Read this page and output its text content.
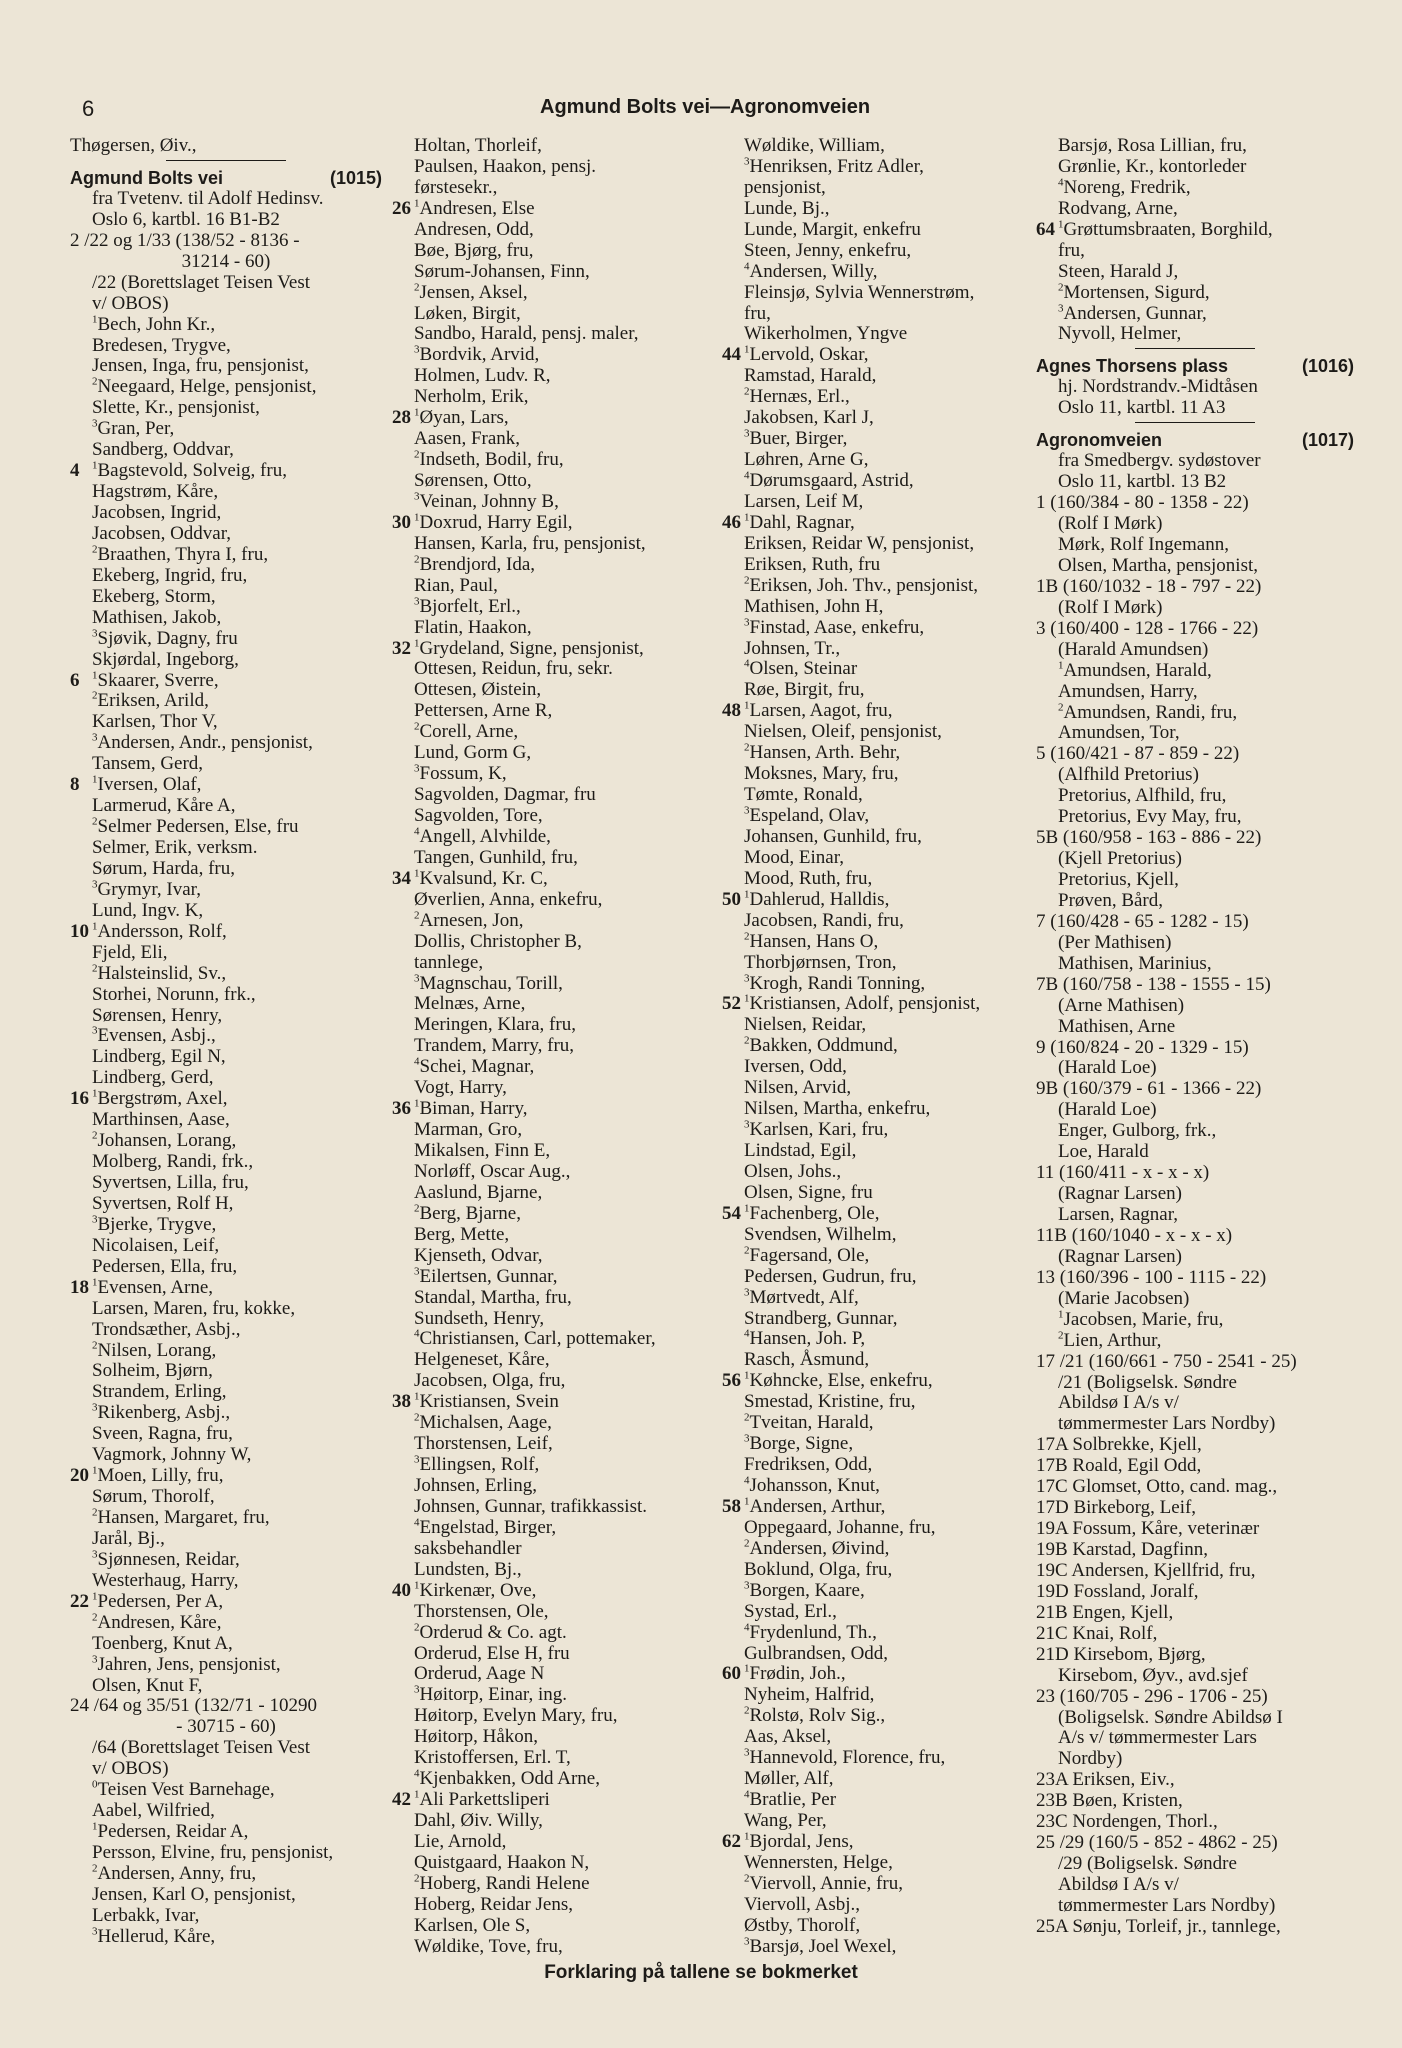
6	Agmund Bolts vei—Agronomveien
Thøgersen, Øiv.,
Agmund Bolts vei	(1015)
fra Tvetenv. til Adolf Hedinsv.
Oslo 6, kartbl. 16 B1-B2
2 /22 og 1/33 (138/52 - 8136 -
31214 - 60)
/22 (Borettslaget Teisen Vest
v/ OBOS)
$^1$Bech, John Kr.,
Bredesen, Trygve,
Jensen, Inga, fru, pensjonist,
$^2$Neegaard, Helge, pensjonist,
Slette, Kr., pensjonist,
$^3$Gran, Per,
Sandberg, Oddvar,
4 $^1$Bagstevold, Solveig, fru,
Hagstrøm, Kåre,
Jacobsen, Ingrid,
Jacobsen, Oddvar,
$^2$Braathen, Thyra I, fru,
Ekeberg, Ingrid, fru,
Ekeberg, Storm,
Mathisen, Jakob,
$^3$Sjøvik, Dagny, fru
Skjørdal, Ingeborg,
6 $^1$Skaarer, Sverre,
$^2$Eriksen, Arild,
Karlsen, Thor V,
$^3$Andersen, Andr., pensjonist,
Tansem, Gerd,
8 $^1$Iversen, Olaf,
Larmerud, Kåre A,
$^2$Selmer Pedersen, Else, fru
Selmer, Erik, verksm.
Sørum, Harda, fru,
$^3$Grymyr, Ivar,
Lund, Ingv. K,
10 $^1$Andersson, Rolf,
Fjeld, Eli,
$^2$Halsteinslid, Sv.,
Storhei, Norunn, frk.,
Sørensen, Henry,
$^3$Evensen, Asbj.,
Lindberg, Egil N,
Lindberg, Gerd,
16 $^1$Bergstrøm, Axel,
Marthinsen, Aase,
$^2$Johansen, Lorang,
Molberg, Randi, frk.,
Syvertsen, Lilla, fru,
Syvertsen, Rolf H,
$^3$Bjerke, Trygve,
Nicolaisen, Leif,
Pedersen, Ella, fru,
18 $^1$Evensen, Arne,
Larsen, Maren, fru, kokke,
Trondsæther, Asbj.,
$^2$Nilsen, Lorang,
Solheim, Bjørn,
Strandem, Erling,
$^3$Rikenberg, Asbj.,
Sveen, Ragna, fru,
Vagmork, Johnny W,
20 $^1$Moen, Lilly, fru,
Sørum, Thorolf,
$^2$Hansen, Margaret, fru,
Jarål, Bj.,
$^3$Sjønnesen, Reidar,
Westerhaug, Harry,
22 $^1$Pedersen, Per A,
$^2$Andresen, Kåre,
Toenberg, Knut A,
$^3$Jahren, Jens, pensjonist,
Olsen, Knut F,
24 /64 og 35/51 (132/71 - 10290
- 30715 - 60)
/64 (Borettslaget Teisen Vest
v/ OBOS)
$^0$Teisen Vest Barnehage,
Aabel, Wilfried,
$^1$Pedersen, Reidar A,
Persson, Elvine, fru, pensjonist,
$^2$Andersen, Anny, fru,
Jensen, Karl O, pensjonist,
Lerbakk, Ivar,
$^3$Hellerud, Kåre,
Holtan, Thorleif,
Paulsen, Haakon, pensj.
førstesekr.,
26 $^1$Andresen, Else
Andresen, Odd,
Bøe, Bjørg, fru,
Sørum-Johansen, Finn,
$^2$Jensen, Aksel,
Løken, Birgit,
Sandbo, Harald, pensj. maler,
$^3$Bordvik, Arvid,
Holmen, Ludv. R,
Nerholm, Erik,
28 $^1$Øyan, Lars,
Aasen, Frank,
$^2$Indseth, Bodil, fru,
Sørensen, Otto,
$^3$Veinan, Johnny B,
30 $^1$Doxrud, Harry Egil,
Hansen, Karla, fru, pensjonist,
$^2$Brendjord, Ida,
Rian, Paul,
$^3$Bjorfelt, Erl.,
Flatin, Haakon,
32 $^1$Grydeland, Signe, pensjonist,
Ottesen, Reidun, fru, sekr.
Ottesen, Øistein,
Pettersen, Arne R,
$^2$Corell, Arne,
Lund, Gorm G,
$^3$Fossum, K,
Sagvolden, Dagmar, fru
Sagvolden, Tore,
$^4$Angell, Alvhilde,
Tangen, Gunhild, fru,
34 $^1$Kvalsund, Kr. C,
Øverlien, Anna, enkefru,
$^2$Arnesen, Jon,
Dollis, Christopher B,
tannlege,
$^3$Magnschau, Torill,
Melnæs, Arne,
Meringen, Klara, fru,
Trandem, Marry, fru,
$^4$Schei, Magnar,
Vogt, Harry,
36 $^1$Biman, Harry,
Marman, Gro,
Mikalsen, Finn E,
Norløff, Oscar Aug.,
Aaslund, Bjarne,
$^2$Berg, Bjarne,
Berg, Mette,
Kjenseth, Odvar,
$^3$Eilertsen, Gunnar,
Standal, Martha, fru,
Sundseth, Henry,
$^4$Christiansen, Carl, pottemaker,
Helgeneset, Kåre,
Jacobsen, Olga, fru,
38 $^1$Kristiansen, Svein
$^2$Michalsen, Aage,
Thorstensen, Leif,
$^3$Ellingsen, Rolf,
Johnsen, Erling,
Johnsen, Gunnar, trafikkassist.
$^4$Engelstad, Birger,
saksbehandler
Lundsten, Bj.,
40 $^1$Kirkenær, Ove,
Thorstensen, Ole,
$^2$Orderud & Co. agt.
Orderud, Else H, fru
Orderud, Aage N
$^3$Høitorp, Einar, ing.
Høitorp, Evelyn Mary, fru,
Høitorp, Håkon,
Kristoffersen, Erl. T,
$^4$Kjenbakken, Odd Arne,
42 $^1$Ali Parkettsliperi
Dahl, Øiv. Willy,
Lie, Arnold,
Quistgaard, Haakon N,
$^2$Hoberg, Randi Helene
Hoberg, Reidar Jens,
Karlsen, Ole S,
Wøldike, Tove, fru,
Wøldike, William,
$^3$Henriksen, Fritz Adler,
pensjonist,
Lunde, Bj.,
Lunde, Margit, enkefru
Steen, Jenny, enkefru,
$^4$Andersen, Willy,
Fleinsjø, Sylvia Wennerstrøm,
fru,
Wikerholmen, Yngve
44 $^1$Lervold, Oskar,
Ramstad, Harald,
$^2$Hernæs, Erl.,
Jakobsen, Karl J,
$^3$Buer, Birger,
Løhren, Arne G,
$^4$Dørumsgaard, Astrid,
Larsen, Leif M,
46 $^1$Dahl, Ragnar,
Eriksen, Reidar W, pensjonist,
Eriksen, Ruth, fru
$^2$Eriksen, Joh. Thv., pensjonist,
Mathisen, John H,
$^3$Finstad, Aase, enkefru,
Johnsen, Tr.,
$^4$Olsen, Steinar
Røe, Birgit, fru,
48 $^1$Larsen, Aagot, fru,
Nielsen, Oleif, pensjonist,
$^2$Hansen, Arth. Behr,
Moksnes, Mary, fru,
Tømte, Ronald,
$^3$Espeland, Olav,
Johansen, Gunhild, fru,
Mood, Einar,
Mood, Ruth, fru,
50 $^1$Dahlerud, Halldis,
Jacobsen, Randi, fru,
$^2$Hansen, Hans O,
Thorbjørnsen, Tron,
$^3$Krogh, Randi Tonning,
52 $^1$Kristiansen, Adolf, pensjonist,
Nielsen, Reidar,
$^2$Bakken, Oddmund,
Iversen, Odd,
Nilsen, Arvid,
Nilsen, Martha, enkefru,
$^3$Karlsen, Kari, fru,
Lindstad, Egil,
Olsen, Johs.,
Olsen, Signe, fru
54 $^1$Fachenberg, Ole,
Svendsen, Wilhelm,
$^2$Fagersand, Ole,
Pedersen, Gudrun, fru,
$^3$Mørtvedt, Alf,
Strandberg, Gunnar,
$^4$Hansen, Joh. P,
Rasch, Åsmund,
56 $^1$Køhncke, Else, enkefru,
Smestad, Kristine, fru,
$^2$Tveitan, Harald,
$^3$Borge, Signe,
Fredriksen, Odd,
$^4$Johansson, Knut,
58 $^1$Andersen, Arthur,
Oppegaard, Johanne, fru,
$^2$Andersen, Øivind,
Boklund, Olga, fru,
$^3$Borgen, Kaare,
Systad, Erl.,
$^4$Frydenlund, Th.,
Gulbrandsen, Odd,
60 $^1$Frødin, Joh.,
Nyheim, Halfrid,
$^2$Rolstø, Rolv Sig.,
Aas, Aksel,
$^3$Hannevold, Florence, fru,
Møller, Alf,
$^4$Bratlie, Per
Wang, Per,
62 $^1$Bjordal, Jens,
Wennersten, Helge,
$^2$Viervoll, Annie, fru,
Viervoll, Asbj.,
Østby, Thorolf,
$^3$Barsjø, Joel Wexel,
Barsjø, Rosa Lillian, fru,
Grønlie, Kr., kontorleder
$^4$Noreng, Fredrik,
Rodvang, Arne,
64 $^1$Grøttumsbraaten, Borghild,
fru,
Steen, Harald J,
$^2$Mortensen, Sigurd,
$^3$Andersen, Gunnar,
Nyvoll, Helmer,
Agnes Thorsens plass	(1016)
hj. Nordstrandv.-Midtåsen
Oslo 11, kartbl. 11 A3
Agronomveien	(1017)
fra Smedbergv. sydøstover
Oslo 11, kartbl. 13 B2
1 (160/384 - 80 - 1358 - 22)
(Rolf I Mørk)
Mørk, Rolf Ingemann,
Olsen, Martha, pensjonist,
1B (160/1032 - 18 - 797 - 22)
(Rolf I Mørk)
3 (160/400 - 128 - 1766 - 22)
(Harald Amundsen)
$^1$Amundsen, Harald,
Amundsen, Harry,
$^2$Amundsen, Randi, fru,
Amundsen, Tor,
5 (160/421 - 87 - 859 - 22)
(Alfhild Pretorius)
Pretorius, Alfhild, fru,
Pretorius, Evy May, fru,
5B (160/958 - 163 - 886 - 22)
(Kjell Pretorius)
Pretorius, Kjell,
Prøven, Bård,
7 (160/428 - 65 - 1282 - 15)
(Per Mathisen)
Mathisen, Marinius,
7B (160/758 - 138 - 1555 - 15)
(Arne Mathisen)
Mathisen, Arne
9 (160/824 - 20 - 1329 - 15)
(Harald Loe)
9B (160/379 - 61 - 1366 - 22)
(Harald Loe)
Enger, Gulborg, frk.,
Loe, Harald
11 (160/411 - x - x - x)
(Ragnar Larsen)
Larsen, Ragnar,
11B (160/1040 - x - x - x)
(Ragnar Larsen)
13 (160/396 - 100 - 1115 - 22)
(Marie Jacobsen)
$^1$Jacobsen, Marie, fru,
$^2$Lien, Arthur,
17 /21 (160/661 - 750 - 2541 - 25)
/21 (Boligselsk. Søndre
Abildsø I A/s v/
tømmermester Lars Nordby)
17A Solbrekke, Kjell,
17B Roald, Egil Odd,
17C Glomset, Otto, cand. mag.,
17D Birkeborg, Leif,
19A Fossum, Kåre, veterinær
19B Karstad, Dagfinn,
19C Andersen, Kjellfrid, fru,
19D Fossland, Joralf,
21B Engen, Kjell,
21C Knai, Rolf,
21D Kirsebom, Bjørg,
Kirsebom, Øyv., avd.sjef
23 (160/705 - 296 - 1706 - 25)
(Boligselsk. Søndre Abildsø I
A/s v/ tømmermester Lars
Nordby)
23A Eriksen, Eiv.,
23B Bøen, Kristen,
23C Nordengen, Thorl.,
25 /29 (160/5 - 852 - 4862 - 25)
/29 (Boligselsk. Søndre
Abildsø I A/s v/
tømmermester Lars Nordby)
25A Sønju, Torleif, jr., tannlege,
Forklaring på tallene se bokmerket
